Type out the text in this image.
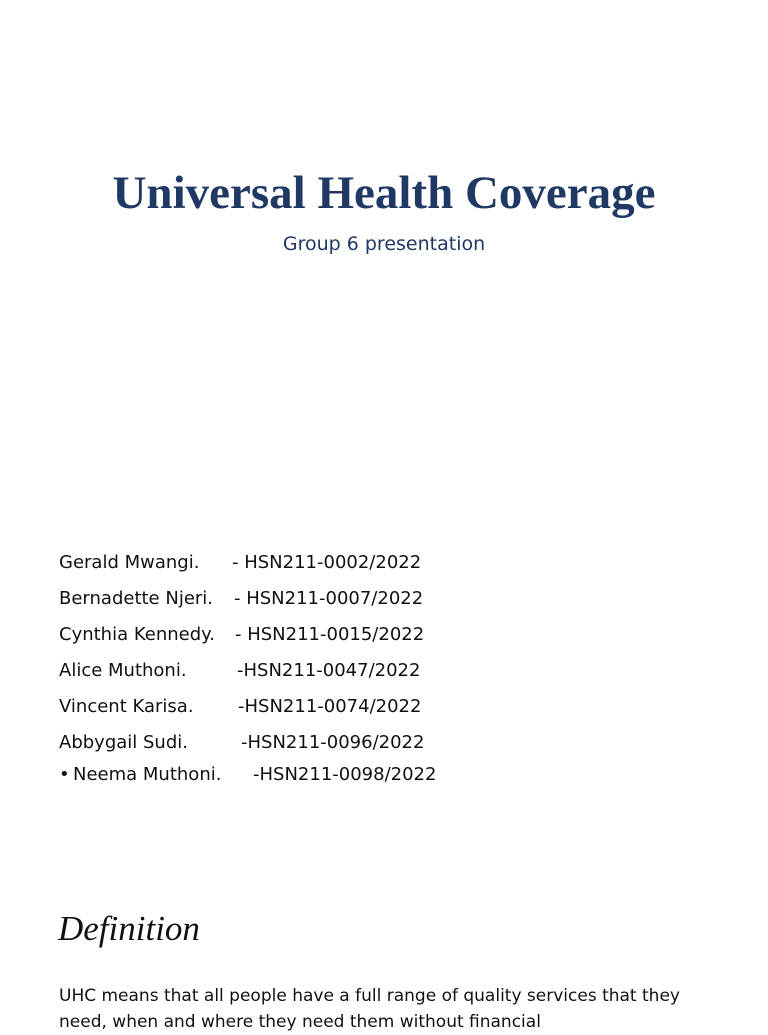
Universal Health Coverage

Group 6 presentation

Gerald Mwangi.	- HSN211-0002/2022
Bernadette Njeri.	- HSN211-0007/2022
Cynthia Kennedy.	- HSN211-0015/2022
Alice Muthoni.	-HSN211-0047/2022
Vincent Karisa.	-HSN211-0074/2022
Abbygail Sudi.	-HSN211-0096/2022
• Neema Muthoni.	-HSN211-0098/2022
Definition

UHC means that all people have a full range of quality services that they need, when and where they need them without financial
